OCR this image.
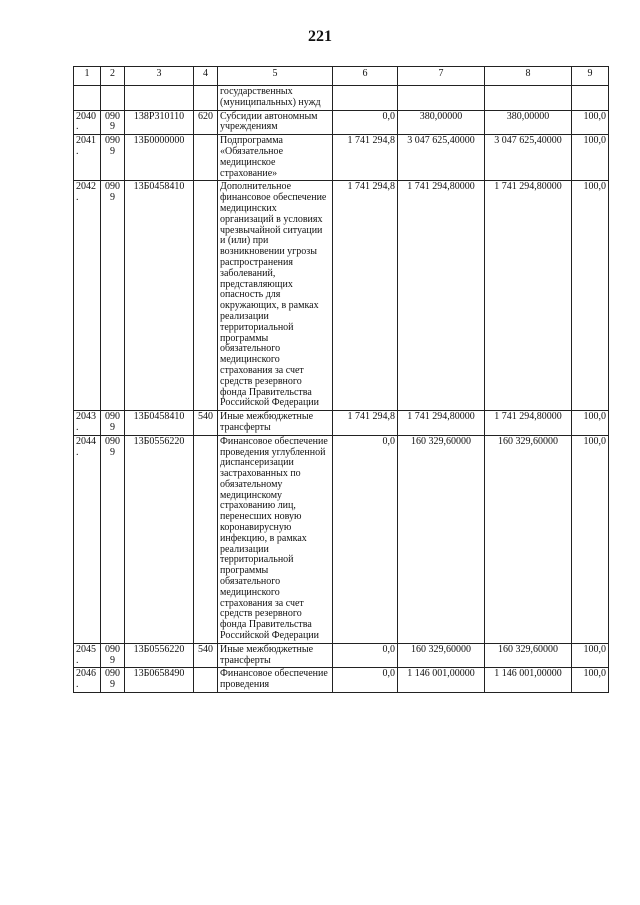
221
1	2	3	4	5	6	7	8	9
				государственных (муниципальных) нужд				
2040.	0909	138Р310110	620	Субсидии автономным учреждениям	0,0	380,00000	380,00000	100,0
2041.	0909	13Б0000000		Подпрограмма «Обязательное медицинское страхование»	1 741 294,8	3 047 625,40000	3 047 625,40000	100,0
2042.	0909	13Б0458410		Дополнительное финансовое обеспечение медицинских организаций в условиях чрезвычайной ситуации и (или) при возникновении угрозы распространения заболеваний, представляющих опасность для окружающих, в рамках реализации территориальной программы обязательного медицинского страхования за счет средств резервного фонда Правительства Российской Федерации	1 741 294,8	1 741 294,80000	1 741 294,80000	100,0
2043.	0909	13Б0458410	540	Иные межбюджетные трансферты	1 741 294,8	1 741 294,80000	1 741 294,80000	100,0
2044.	0909	13Б0556220		Финансовое обеспечение проведения углубленной диспансеризации застрахованных по обязательному медицинскому страхованию лиц, перенесших новую коронавирусную инфекцию, в рамках реализации территориальной программы обязательного медицинского страхования за счет средств резервного фонда Правительства Российской Федерации	0,0	160 329,60000	160 329,60000	100,0
2045.	0909	13Б0556220	540	Иные межбюджетные трансферты	0,0	160 329,60000	160 329,60000	100,0
2046.	0909	13Б0658490		Финансовое обеспечение проведения	0,0	1 146 001,00000	1 146 001,00000	100,0
